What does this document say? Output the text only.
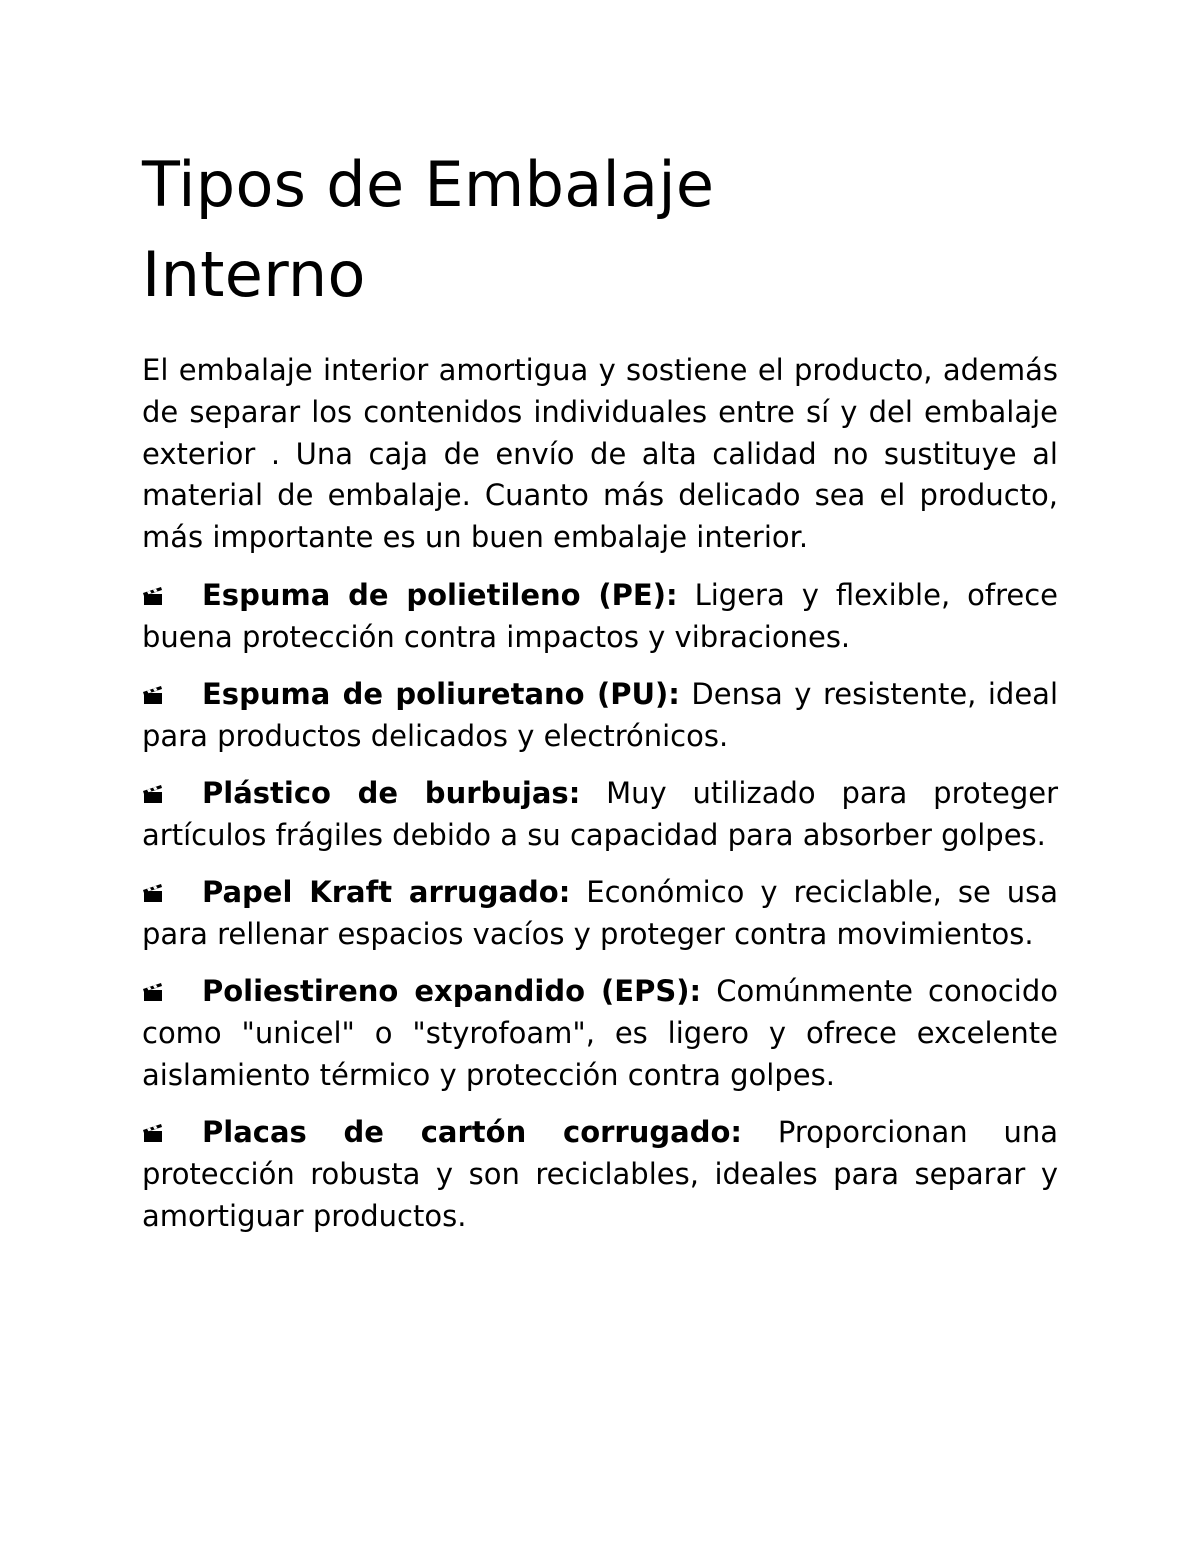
Tipos de Embalaje
Interno

El embalaje interior amortigua y sostiene el producto, además de separar los contenidos individuales entre sí y del embalaje exterior . Una caja de envío de alta calidad no sustituye al material de embalaje. Cuanto más delicado sea el producto, más importante es un buen embalaje interior.

Espuma de polietileno (PE): Ligera y flexible, ofrece buena protección contra impactos y vibraciones.

Espuma de poliuretano (PU): Densa y resistente, ideal para productos delicados y electrónicos.

Plástico de burbujas: Muy utilizado para proteger artículos frágiles debido a su capacidad para absorber golpes.

Papel Kraft arrugado: Económico y reciclable, se usa para rellenar espacios vacíos y proteger contra movimientos.

Poliestireno expandido (EPS): Comúnmente conocido como "unicel" o "styrofoam", es ligero y ofrece excelente aislamiento térmico y protección contra golpes.

Placas de cartón corrugado: Proporcionan una protección robusta y son reciclables, ideales para separar y amortiguar productos.
